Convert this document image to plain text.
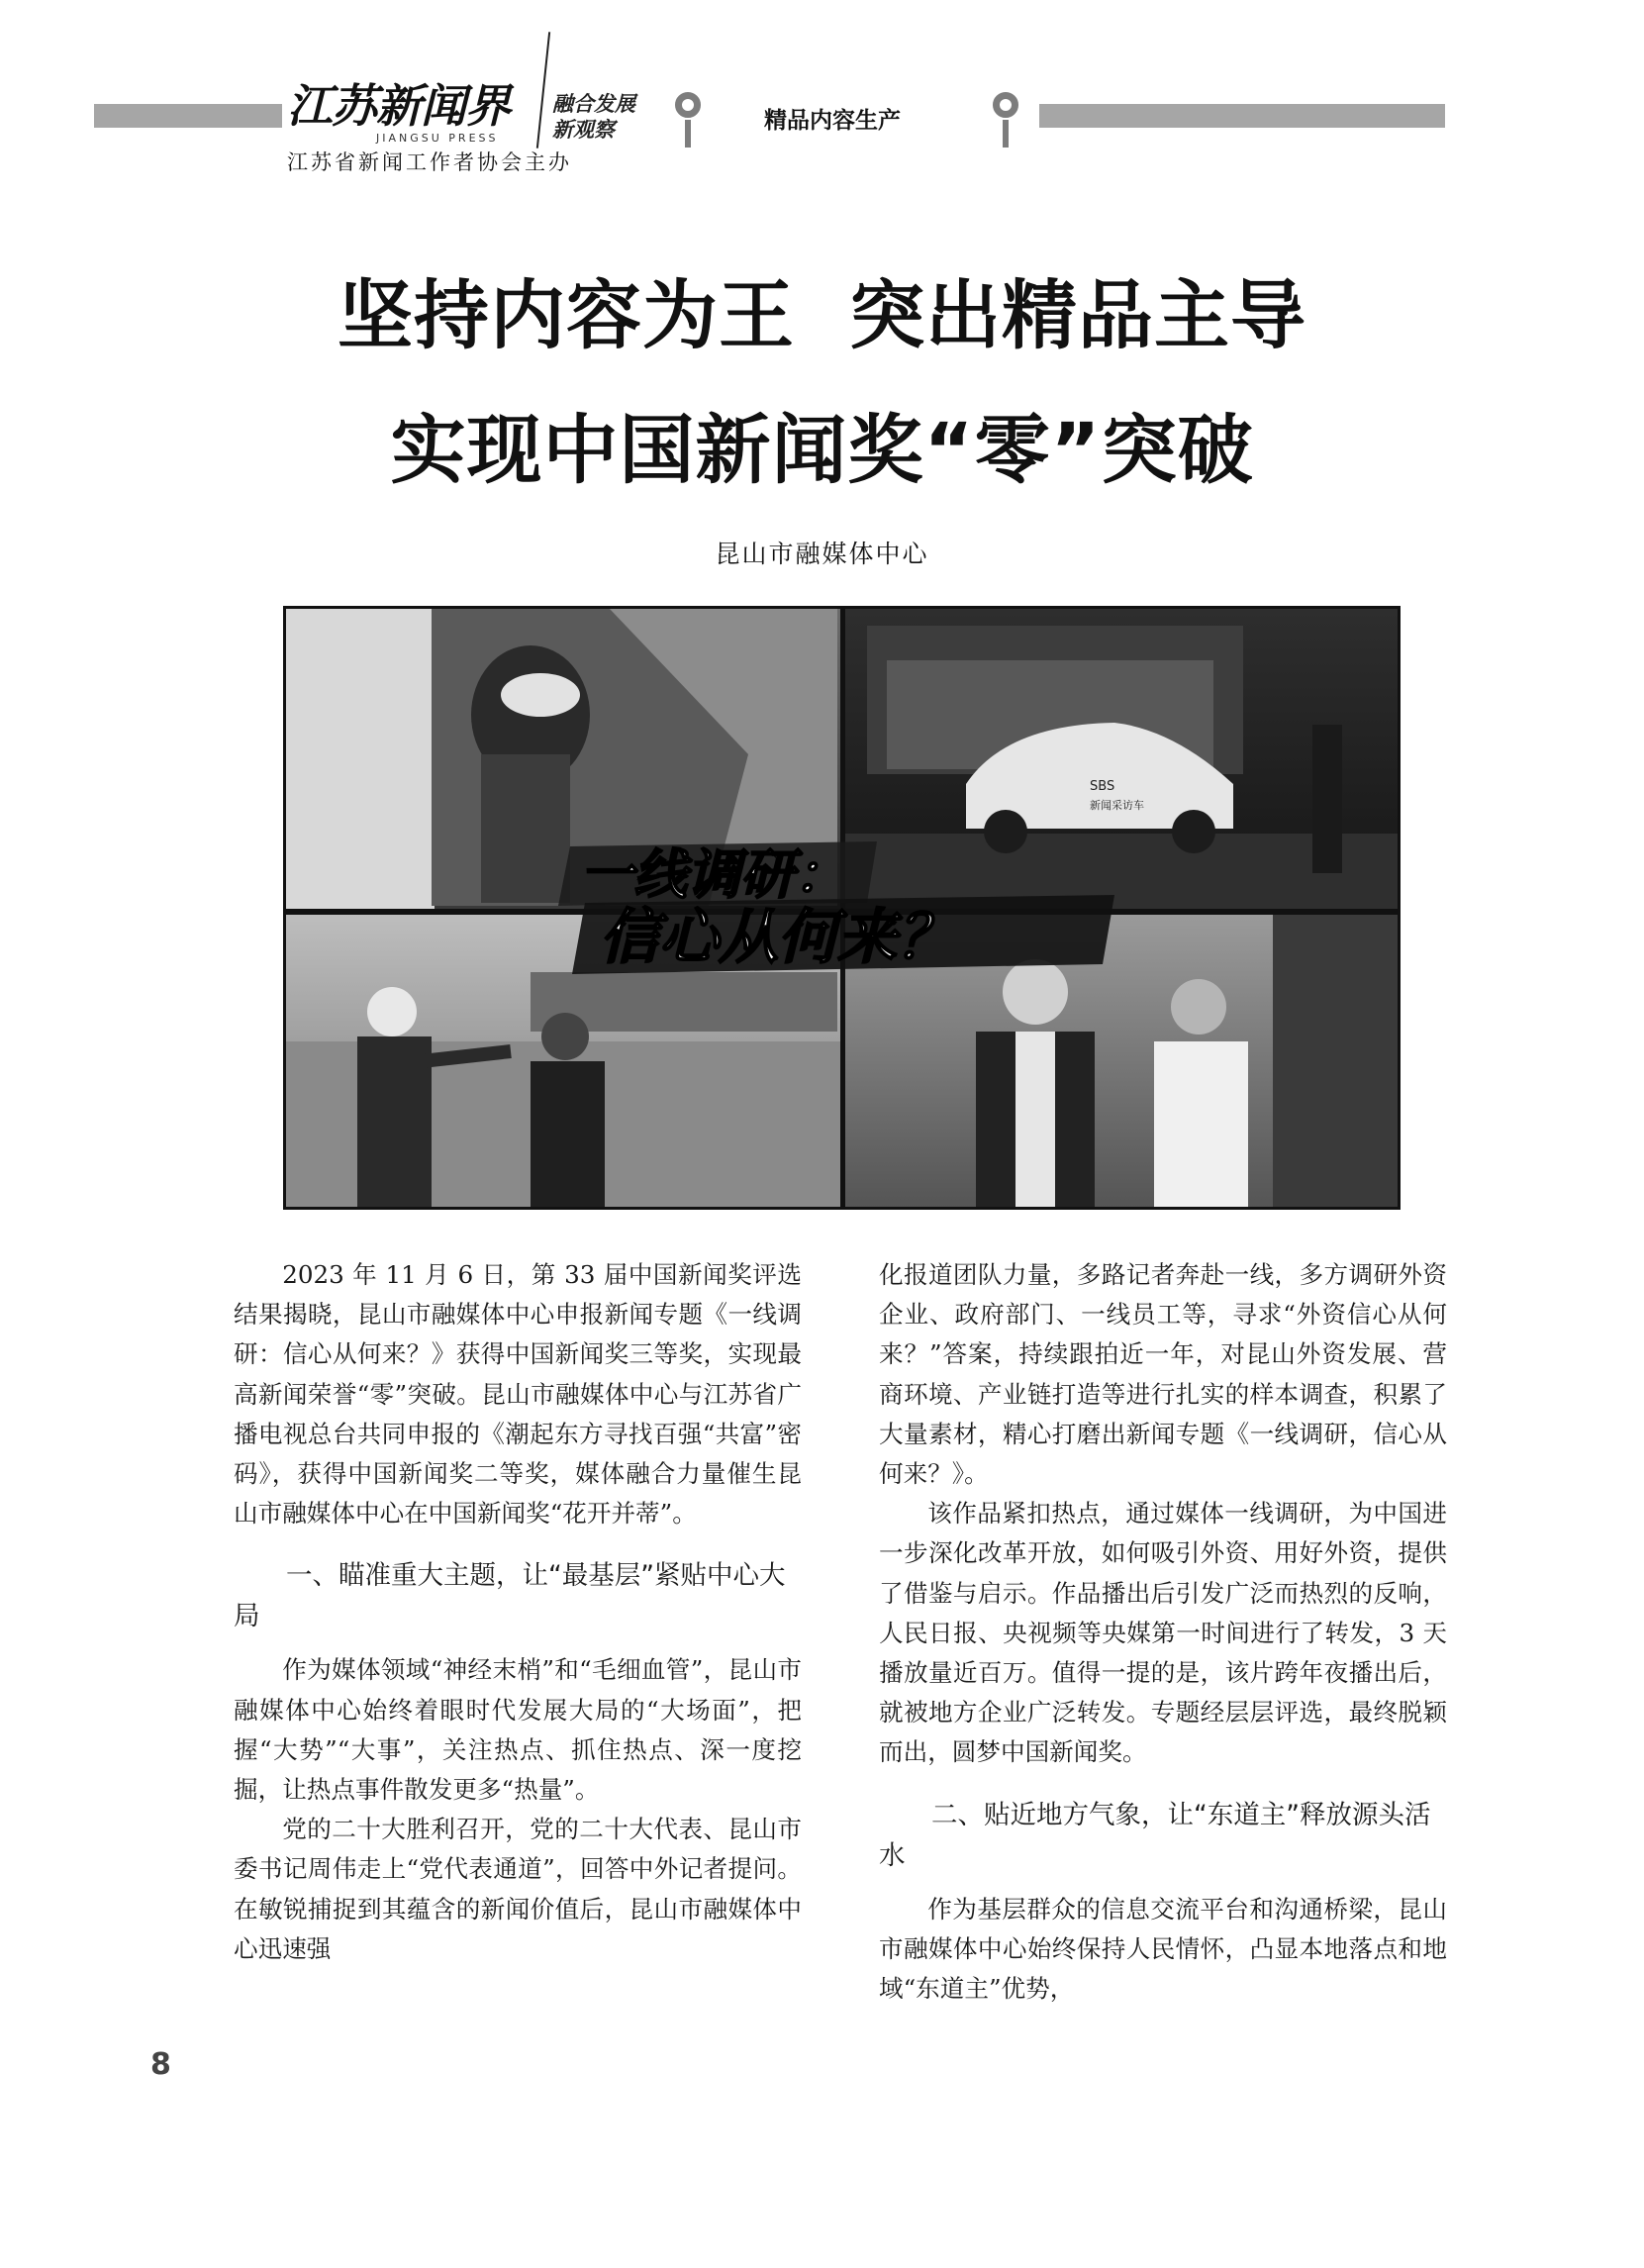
江苏新闻界
JIANGSU PRESS
融合发展
新观察
江苏省新闻工作者协会主办
精品内容生产
坚持内容为王  突出精品主导
实现中国新闻奖“零”突破
昆山市融媒体中心
SBS
新闻采访车
一线调研：
信心从何来？

2023 年 11 月 6 日，第 33 届中国新闻奖评选结果揭晓，昆山市融媒体中心申报新闻专题《一线调研：信心从何来？》获得中国新闻奖三等奖，实现最高新闻荣誉“零”突破。昆山市融媒体中心与江苏省广播电视总台共同申报的《潮起东方寻找百强“共富”密码》，获得中国新闻奖二等奖，媒体融合力量催生昆山市融媒体中心在中国新闻奖“花开并蒂”。

一、瞄准重大主题，让“最基层”紧贴中心大局

作为媒体领域“神经末梢”和“毛细血管”，昆山市融媒体中心始终着眼时代发展大局的“大场面”，把握“大势”“大事”，关注热点、抓住热点、深一度挖掘，让热点事件散发更多“热量”。

党的二十大胜利召开，党的二十大代表、昆山市委书记周伟走上“党代表通道”，回答中外记者提问。在敏锐捕捉到其蕴含的新闻价值后，昆山市融媒体中心迅速强

化报道团队力量，多路记者奔赴一线，多方调研外资企业、政府部门、一线员工等，寻求“外资信心从何来？”答案，持续跟拍近一年，对昆山外资发展、营商环境、产业链打造等进行扎实的样本调查，积累了大量素材，精心打磨出新闻专题《一线调研，信心从何来？》。

该作品紧扣热点，通过媒体一线调研，为中国进一步深化改革开放，如何吸引外资、用好外资，提供了借鉴与启示。作品播出后引发广泛而热烈的反响，人民日报、央视频等央媒第一时间进行了转发，3 天播放量近百万。值得一提的是，该片跨年夜播出后，就被地方企业广泛转发。专题经层层评选，最终脱颖而出，圆梦中国新闻奖。

二、贴近地方气象，让“东道主”释放源头活水

作为基层群众的信息交流平台和沟通桥梁，昆山市融媒体中心始终保持人民情怀，凸显本地落点和地域“东道主”优势，

8
